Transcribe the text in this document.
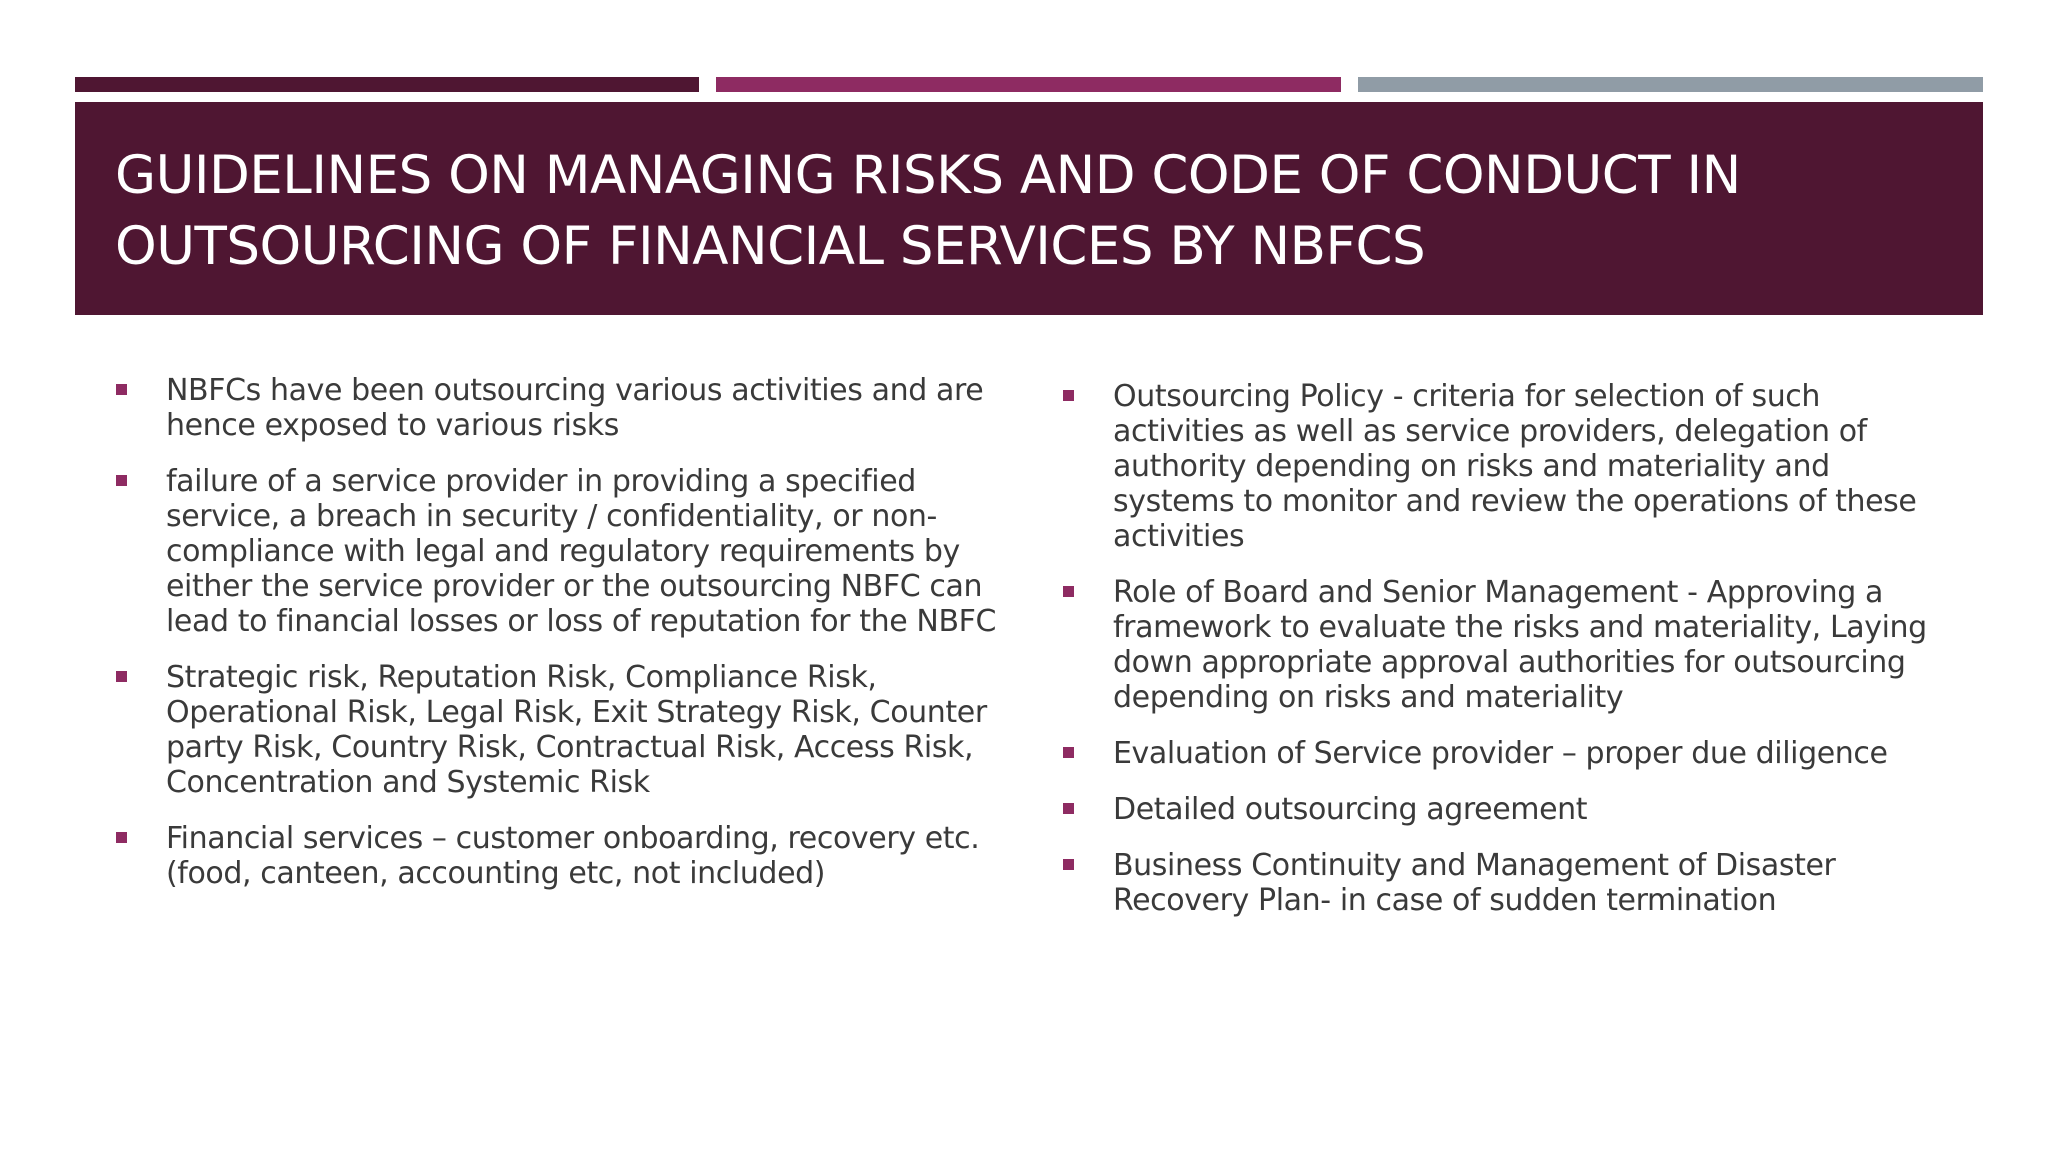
GUIDELINES ON MANAGING RISKS AND CODE OF CONDUCT IN
OUTSOURCING OF FINANCIAL SERVICES BY NBFCS
NBFCs have been outsourcing various activities and are hence exposed to various risks
failure of a service provider in providing a specified service, a breach in security / confidentiality, or non-compliance with legal and regulatory requirements by either the service provider or the outsourcing NBFC can lead to financial losses or loss of reputation for the NBFC
Strategic risk, Reputation Risk, Compliance Risk, Operational Risk, Legal Risk, Exit Strategy Risk, Counter party Risk, Country Risk, Contractual Risk, Access Risk, Concentration and Systemic Risk
Financial services – customer onboarding, recovery etc. (food, canteen, accounting etc, not included)
Outsourcing Policy - criteria for selection of such activities as well as service providers, delegation of authority depending on risks and materiality and systems to monitor and review the operations of these activities
Role of Board and Senior Management - Approving a framework to evaluate the risks and materiality, Laying down appropriate approval authorities for outsourcing depending on risks and materiality
Evaluation of Service provider – proper due diligence
Detailed outsourcing agreement
Business Continuity and Management of Disaster Recovery Plan- in case of sudden termination
